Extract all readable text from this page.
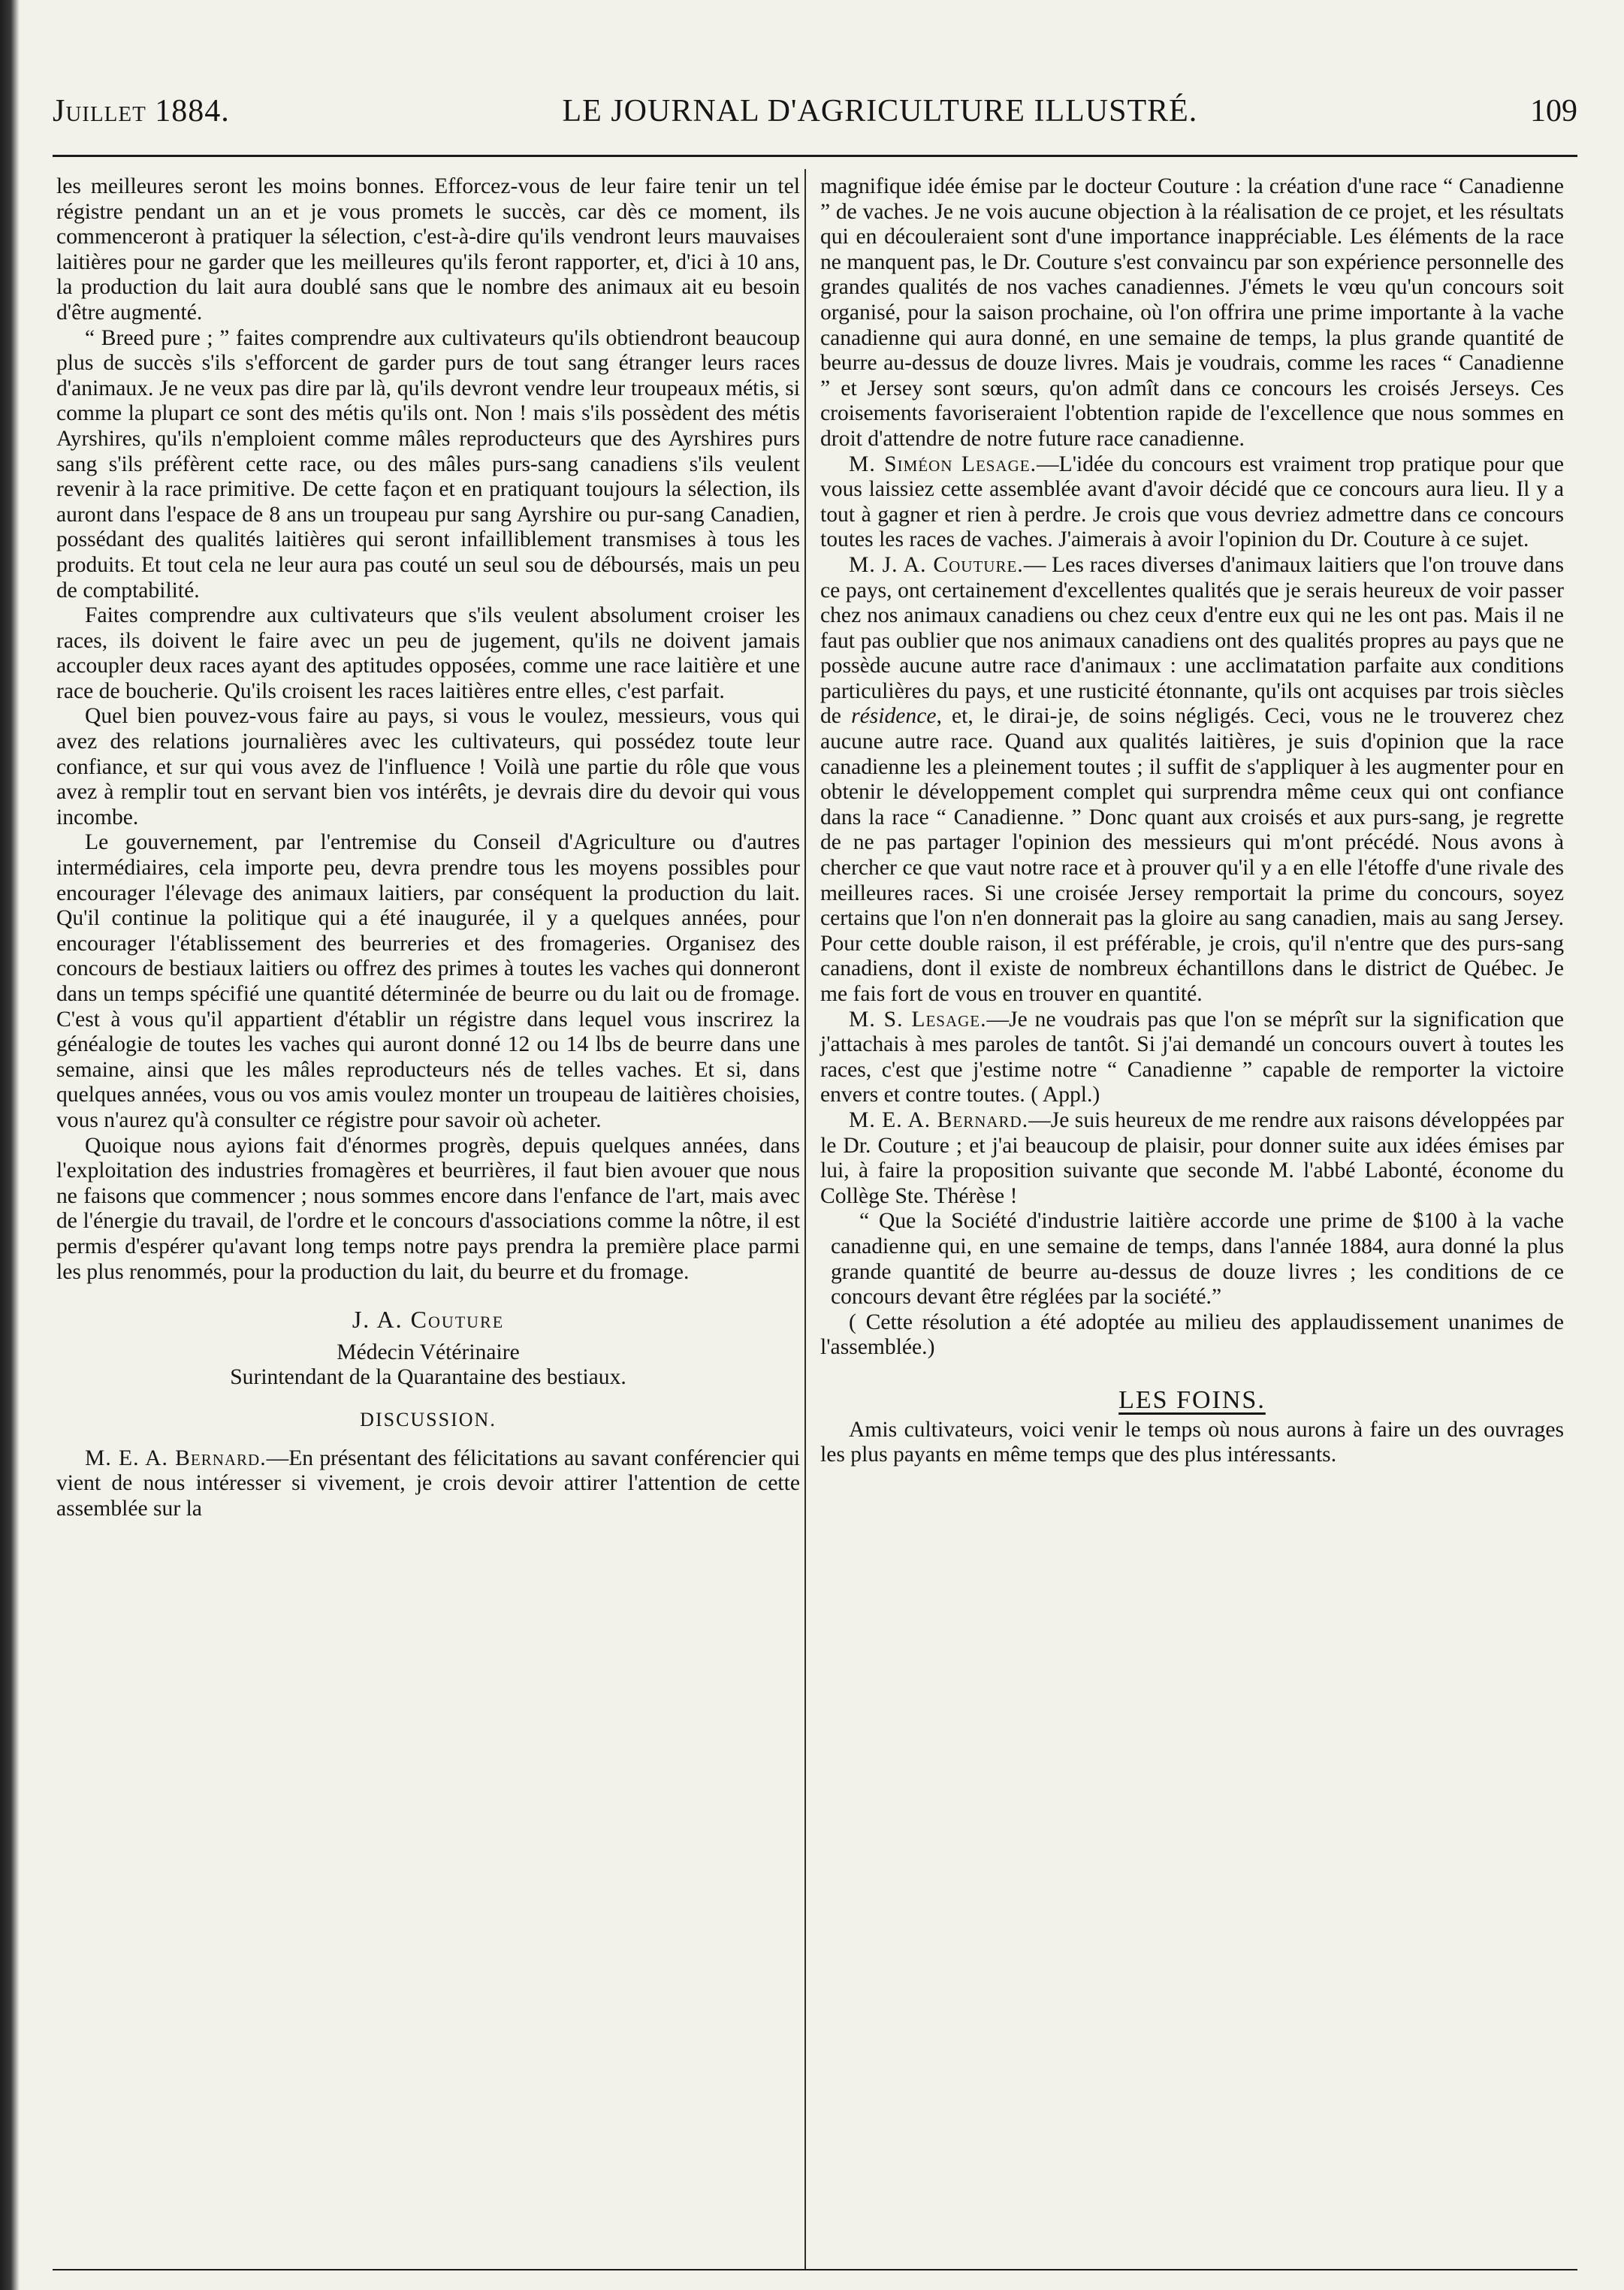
Juillet 1884.	LE JOURNAL D'AGRICULTURE ILLUSTRÉ.	109

les meilleures seront les moins bonnes. Efforcez-vous de leur faire tenir un tel régistre pendant un an et je vous promets le succès, car dès ce moment, ils commenceront à pratiquer la sélection, c'est-à-dire qu'ils vendront leurs mauvaises laitières pour ne garder que les meilleures qu'ils feront rapporter, et, d'ici à 10 ans, la production du lait aura doublé sans que le nombre des animaux ait eu besoin d'être augmenté.

“ Breed pure ; ” faites comprendre aux cultivateurs qu'ils obtiendront beaucoup plus de succès s'ils s'efforcent de garder purs de tout sang étranger leurs races d'animaux. Je ne veux pas dire par là, qu'ils devront vendre leur troupeaux métis, si comme la plupart ce sont des métis qu'ils ont. Non ! mais s'ils possèdent des métis Ayrshires, qu'ils n'emploient comme mâles reproducteurs que des Ayrshires purs sang s'ils préfèrent cette race, ou des mâles purs-sang canadiens s'ils veulent revenir à la race primitive. De cette façon et en pratiquant toujours la sélection, ils auront dans l'espace de 8 ans un troupeau pur sang Ayrshire ou pur-sang Canadien, possédant des qualités laitières qui seront infailliblement transmises à tous les produits. Et tout cela ne leur aura pas couté un seul sou de déboursés, mais un peu de comptabilité.

Faites comprendre aux cultivateurs que s'ils veulent absolument croiser les races, ils doivent le faire avec un peu de jugement, qu'ils ne doivent jamais accoupler deux races ayant des aptitudes opposées, comme une race laitière et une race de boucherie. Qu'ils croisent les races laitières entre elles, c'est parfait.

Quel bien pouvez-vous faire au pays, si vous le voulez, messieurs, vous qui avez des relations journalières avec les cultivateurs, qui possédez toute leur confiance, et sur qui vous avez de l'influence ! Voilà une partie du rôle que vous avez à remplir tout en servant bien vos intérêts, je devrais dire du devoir qui vous incombe.

Le gouvernement, par l'entremise du Conseil d'Agriculture ou d'autres intermédiaires, cela importe peu, devra prendre tous les moyens possibles pour encourager l'élevage des animaux laitiers, par conséquent la production du lait. Qu'il continue la politique qui a été inaugurée, il y a quelques années, pour encourager l'établissement des beurreries et des fromageries. Organisez des concours de bestiaux laitiers ou offrez des primes à toutes les vaches qui donneront dans un temps spécifié une quantité déterminée de beurre ou du lait ou de fromage. C'est à vous qu'il appartient d'établir un régistre dans lequel vous inscrirez la généalogie de toutes les vaches qui auront donné 12 ou 14 lbs de beurre dans une semaine, ainsi que les mâles reproducteurs nés de telles vaches. Et si, dans quelques années, vous ou vos amis voulez monter un troupeau de laitières choisies, vous n'aurez qu'à consulter ce régistre pour savoir où acheter.

Quoique nous ayions fait d'énormes progrès, depuis quelques années, dans l'exploitation des industries fromagères et beurrières, il faut bien avouer que nous ne faisons que commencer ; nous sommes encore dans l'enfance de l'art, mais avec de l'énergie du travail, de l'ordre et le concours d'associations comme la nôtre, il est permis d'espérer qu'avant long temps notre pays prendra la première place parmi les plus renommés, pour la production du lait, du beurre et du fromage.

J. A. Couture

Médecin Vétérinaire

Surintendant de la Quarantaine des bestiaux.

DISCUSSION.

M. E. A. Bernard.—En présentant des félicitations au savant conférencier qui vient de nous intéresser si vivement, je crois devoir attirer l'attention de cette assemblée sur la

magnifique idée émise par le docteur Couture : la création d'une race “ Canadienne ” de vaches. Je ne vois aucune objection à la réalisation de ce projet, et les résultats qui en découleraient sont d'une importance inappréciable. Les éléments de la race ne manquent pas, le Dr. Couture s'est convaincu par son expérience personnelle des grandes qualités de nos vaches canadiennes. J'émets le vœu qu'un concours soit organisé, pour la saison prochaine, où l'on offrira une prime importante à la vache canadienne qui aura donné, en une semaine de temps, la plus grande quantité de beurre au-dessus de douze livres. Mais je voudrais, comme les races “ Canadienne ” et Jersey sont sœurs, qu'on admît dans ce concours les croisés Jerseys. Ces croisements favoriseraient l'obtention rapide de l'excellence que nous sommes en droit d'attendre de notre future race canadienne.

M. Siméon Lesage.—L'idée du concours est vraiment trop pratique pour que vous laissiez cette assemblée avant d'avoir décidé que ce concours aura lieu. Il y a tout à gagner et rien à perdre. Je crois que vous devriez admettre dans ce concours toutes les races de vaches. J'aimerais à avoir l'opinion du Dr. Couture à ce sujet.

M. J. A. Couture.— Les races diverses d'animaux laitiers que l'on trouve dans ce pays, ont certainement d'excellentes qualités que je serais heureux de voir passer chez nos animaux canadiens ou chez ceux d'entre eux qui ne les ont pas. Mais il ne faut pas oublier que nos animaux canadiens ont des qualités propres au pays que ne possède aucune autre race d'animaux : une acclimatation parfaite aux conditions particulières du pays, et une rusticité étonnante, qu'ils ont acquises par trois siècles de résidence, et, le dirai-je, de soins négligés. Ceci, vous ne le trouverez chez aucune autre race. Quand aux qualités laitières, je suis d'opinion que la race canadienne les a pleinement toutes ; il suffit de s'appliquer à les augmenter pour en obtenir le développement complet qui surprendra même ceux qui ont confiance dans la race “ Canadienne. ” Donc quant aux croisés et aux purs-sang, je regrette de ne pas partager l'opinion des messieurs qui m'ont précédé. Nous avons à chercher ce que vaut notre race et à prouver qu'il y a en elle l'étoffe d'une rivale des meilleures races. Si une croisée Jersey remportait la prime du concours, soyez certains que l'on n'en donnerait pas la gloire au sang canadien, mais au sang Jersey. Pour cette double raison, il est préférable, je crois, qu'il n'entre que des purs-sang canadiens, dont il existe de nombreux échantillons dans le district de Québec. Je me fais fort de vous en trouver en quantité.

M. S. Lesage.—Je ne voudrais pas que l'on se méprît sur la signification que j'attachais à mes paroles de tantôt. Si j'ai demandé un concours ouvert à toutes les races, c'est que j'estime notre “ Canadienne ” capable de remporter la victoire envers et contre toutes. ( Appl.)

M. E. A. Bernard.—Je suis heureux de me rendre aux raisons développées par le Dr. Couture ; et j'ai beaucoup de plaisir, pour donner suite aux idées émises par lui, à faire la proposition suivante que seconde M. l'abbé Labonté, économe du Collège Ste. Thérèse !

“ Que la Société d'industrie laitière accorde une prime de $100 à la vache canadienne qui, en une semaine de temps, dans l'année 1884, aura donné la plus grande quantité de beurre au-dessus de douze livres ; les conditions de ce concours devant être réglées par la société.”

( Cette résolution a été adoptée au milieu des applaudissement unanimes de l'assemblée.)

LES FOINS.

Amis cultivateurs, voici venir le temps où nous aurons à faire un des ouvrages les plus payants en même temps que des plus intéressants.
